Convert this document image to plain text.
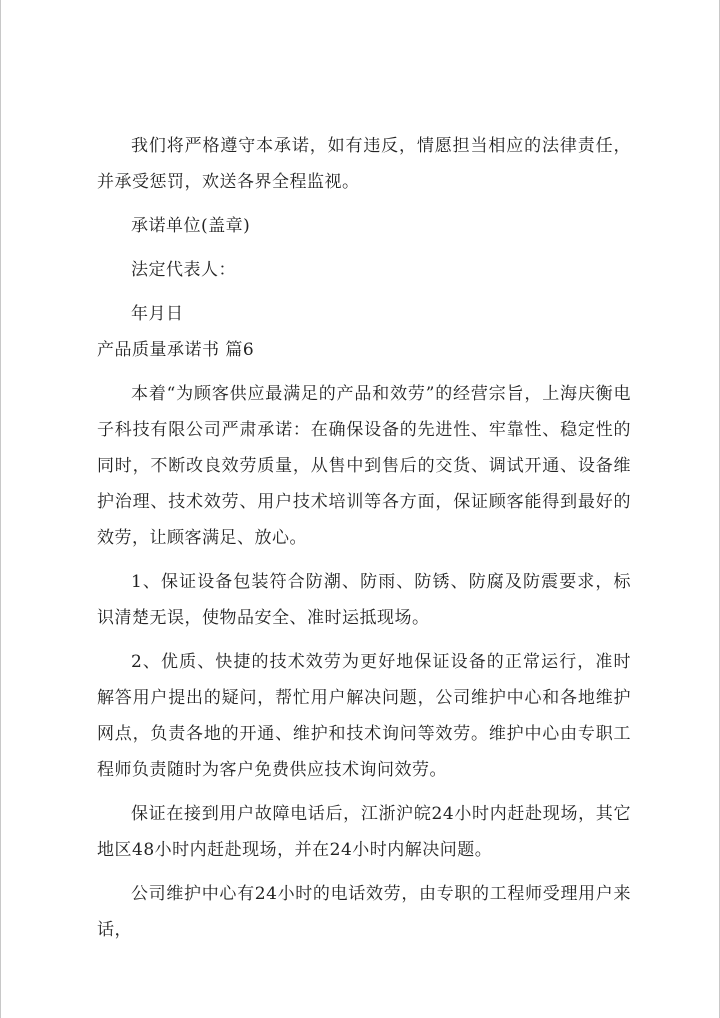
我们将严格遵守本承诺，如有违反，情愿担当相应的法律责任，并承受惩罚，欢送各界全程监视。

承诺单位(盖章)

法定代表人：

年月日

产品质量承诺书 篇6

本着“为顾客供应最满足的产品和效劳”的经营宗旨，上海庆衡电子科技有限公司严肃承诺：在确保设备的先进性、牢靠性、稳定性的同时，不断改良效劳质量，从售中到售后的交货、调试开通、设备维护治理、技术效劳、用户技术培训等各方面，保证顾客能得到最好的效劳，让顾客满足、放心。

1、保证设备包装符合防潮、防雨、防锈、防腐及防震要求，标识清楚无误，使物品安全、准时运抵现场。

2、优质、快捷的技术效劳为更好地保证设备的正常运行，准时解答用户提出的疑问，帮忙用户解决问题，公司维护中心和各地维护网点，负责各地的开通、维护和技术询问等效劳。维护中心由专职工程师负责随时为客户免费供应技术询问效劳。

保证在接到用户故障电话后，江浙沪皖24小时内赶赴现场，其它地区48小时内赶赴现场，并在24小时内解决问题。

公司维护中心有24小时的电话效劳，由专职的工程师受理用户来话，
